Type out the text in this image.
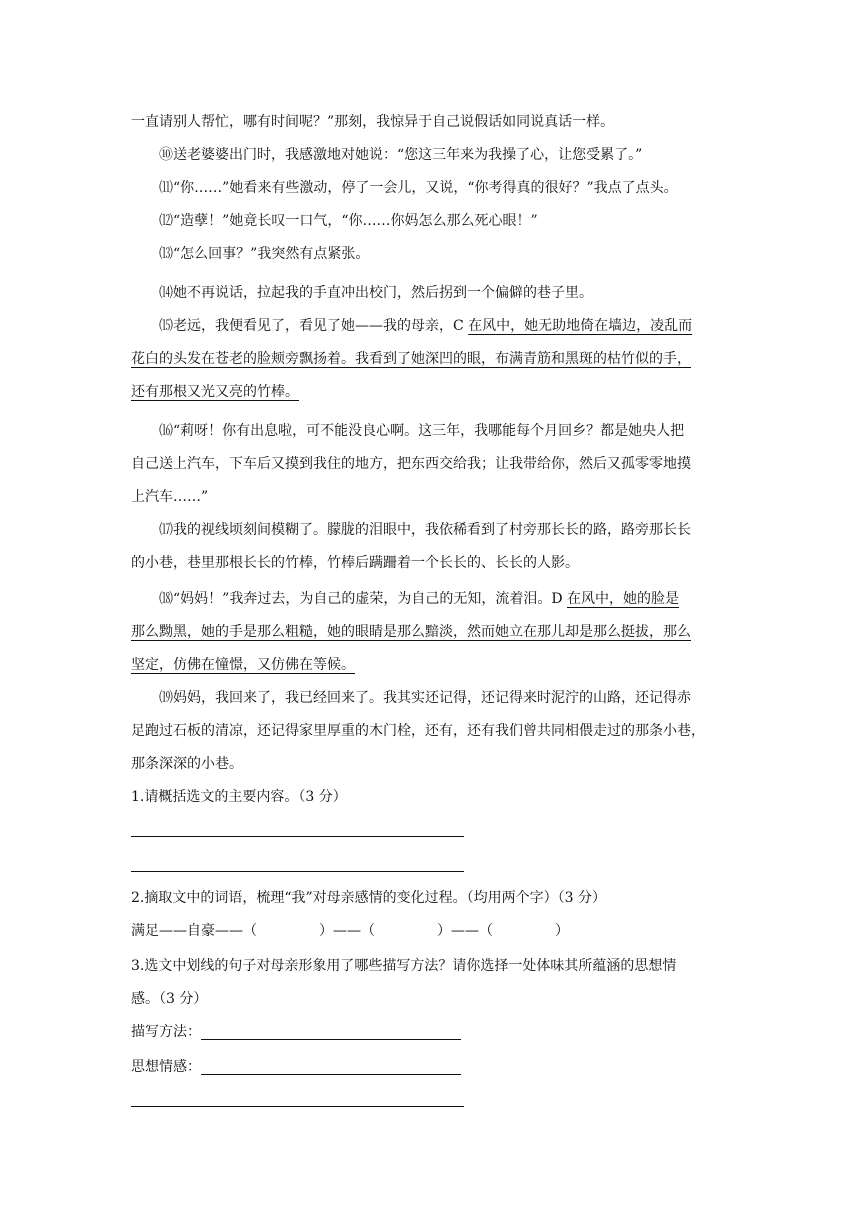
一直请别人帮忙，哪有时间呢？”那刻，我惊异于自己说假话如同说真话一样。
⑩送老婆婆出门时，我感激地对她说：“您这三年来为我操了心，让您受累了。”
⑾“你……”她看来有些激动，停了一会儿，又说，“你考得真的很好？”我点了点头。
⑿“造孽！”她竟长叹一口气，“你……你妈怎么那么死心眼！”
⒀“怎么回事？”我突然有点紧张。
⒁她不再说话，拉起我的手直冲出校门，然后拐到一个偏僻的巷子里。
⒂老远，我便看见了，看见了她——我的母亲，C 在风中，她无助地倚在墙边，凌乱而
花白的头发在苍老的脸颊旁飘扬着。我看到了她深凹的眼，布满青筋和黑斑的枯竹似的手，
还有那根又光又亮的竹棒。
⒃“莉呀！你有出息啦，可不能没良心啊。这三年，我哪能每个月回乡？都是她央人把
自己送上汽车，下车后又摸到我住的地方，把东西交给我；让我带给你，然后又孤零零地摸
上汽车……”
⒄我的视线顷刻间模糊了。朦胧的泪眼中，我依稀看到了村旁那长长的路，路旁那长长
的小巷，巷里那根长长的竹棒，竹棒后蹒跚着一个长长的、长长的人影。
⒅“妈妈！”我奔过去，为自己的虚荣，为自己的无知，流着泪。D 在风中，她的脸是
那么黝黑，她的手是那么粗糙，她的眼睛是那么黯淡，然而她立在那儿却是那么挺拔，那么
坚定，仿佛在憧憬，又仿佛在等候。
⒆妈妈，我回来了，我已经回来了。我其实还记得，还记得来时泥泞的山路，还记得赤
足跑过石板的清凉，还记得家里厚重的木门栓，还有，还有我们曾共同相偎走过的那条小巷，
那条深深的小巷。
1.请概括选文的主要内容。（3 分）
2.摘取文中的词语，梳理“我”对母亲感情的变化过程。（均用两个字）（3 分）
满足——自豪——（	）——（	）——（	）
3.选文中划线的句子对母亲形象用了哪些描写方法？请你选择一处体味其所蕴涵的思想情
感。（3 分）
描写方法：
思想情感：
